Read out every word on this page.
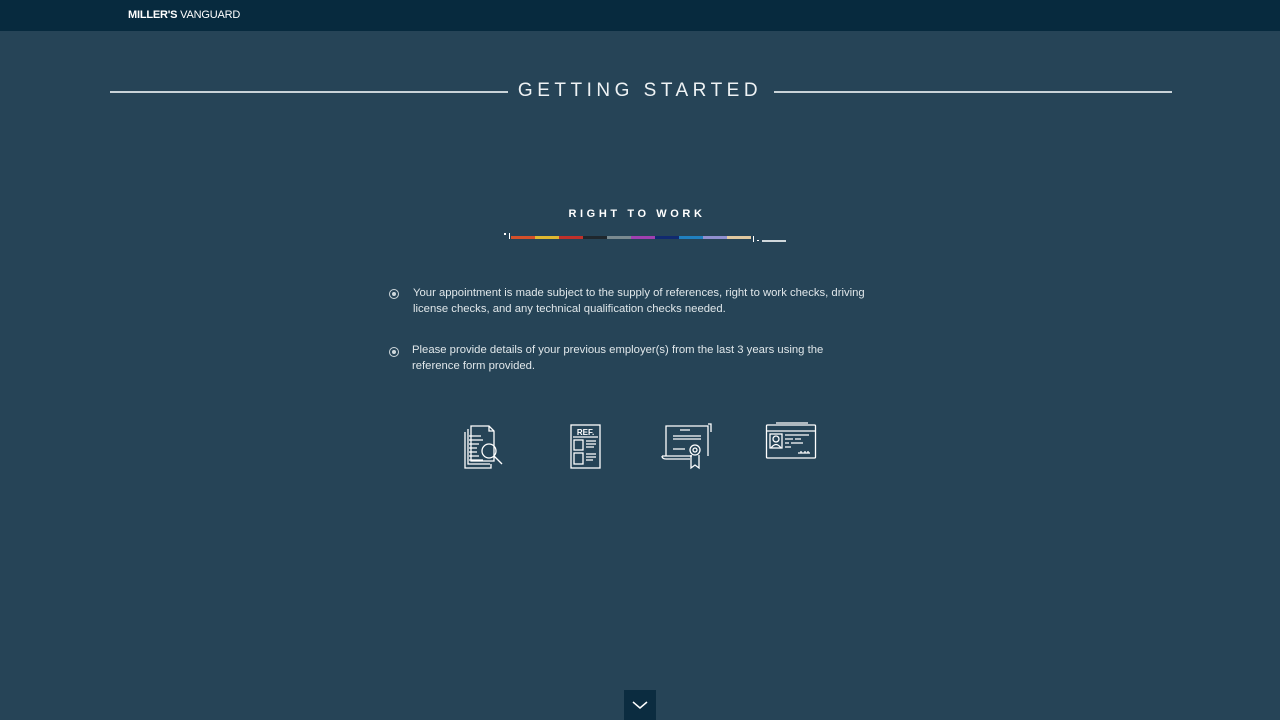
MILLER'S VANGUARD
GETTING STARTED
RIGHT TO WORK
Your appointment is made subject to the supply of references, right to work checks, driving license checks, and any technical qualification checks needed.
Please provide details of your previous employer(s) from the last 3 years using the reference form provided.
REF.
